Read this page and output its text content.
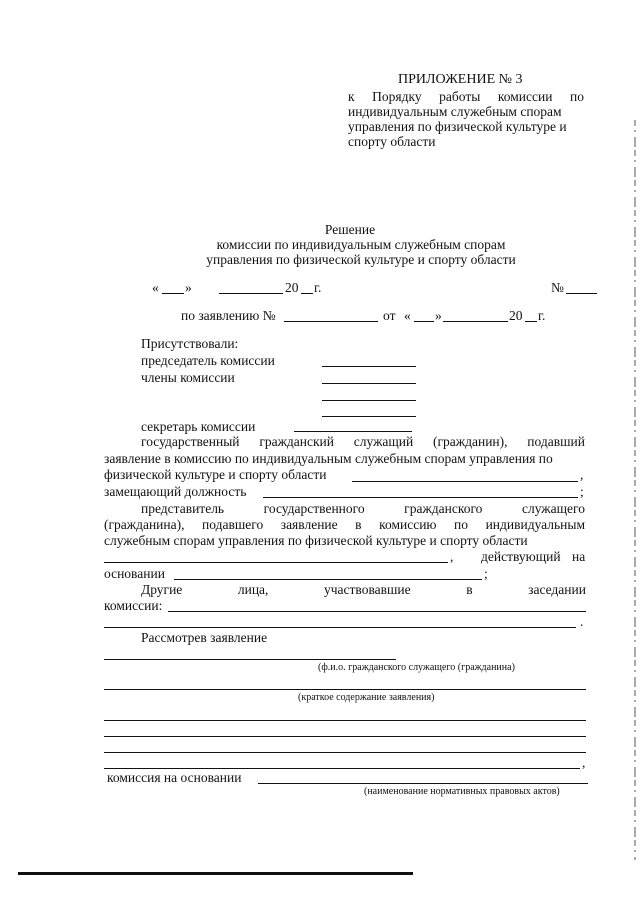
ПРИЛОЖЕНИЕ № 3
к Порядку работы комиссии по
индивидуальным служебным спорам
управления по физической культуре и
спорту области
Решение
комиссии по индивидуальным служебным спорам
управления по физической культуре и спорту области
« »	20 г.	№
по заявлению №	от « »	20 г.
Присутствовали:
председатель комиссии
члены комиссии
секретарь комиссии
государственный гражданский служащий (гражданин), подавший
заявление в комиссию по индивидуальным служебным спорам управления по
физической культуре и спорту области	,
замещающий должность	;
представитель	государственного	гражданского	служащего
(гражданина), подавшего заявление в комиссию по индивидуальным
служебным спорам управления по физической культуре и спорту области
, действующий на
основании	;
Другие	лица,	участвовавшие	в	заседании
комиссии:
.
Рассмотрев заявление
(ф.и.о. гражданского служащего (гражданина)
(краткое содержание заявления)
,
комиссия на основании
(наименование нормативных правовых актов)
